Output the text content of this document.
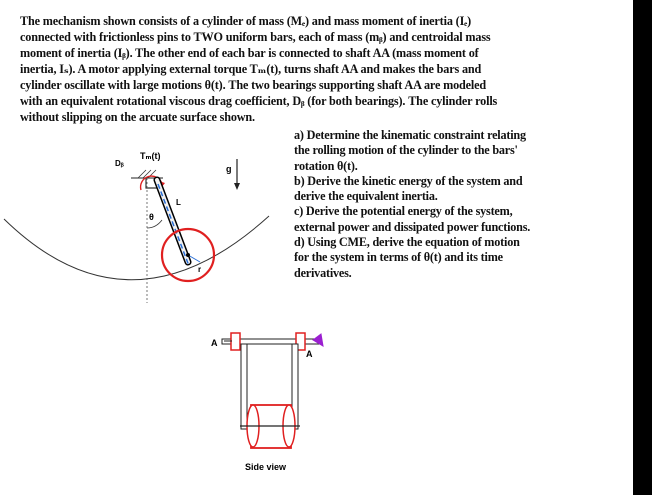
The mechanism shown consists of a cylinder of mass (Mₑ) and mass moment of inertia (Iₑ)
connected with frictionless pins to TWO uniform bars, each of mass (mᵦ) and centroidal mass
moment of inertia (Iᵦ). The other end of each bar is connected to shaft AA (mass moment of
inertia, Iₛ). A motor applying external torque Tₘ(t), turns shaft AA and makes the bars and
cylinder oscillate with large motions θ(t). The two bearings supporting shaft AA are modeled
with an equivalent rotational viscous drag coefficient, Dᵦ (for both bearings). The cylinder rolls
without slipping on the arcuate surface shown.
a) Determine the kinematic constraint relating
the rolling motion of the cylinder to the bars'
rotation θ(t).
b) Derive the kinetic energy of the system and
derive the equivalent inertia.
c) Derive the potential energy of the system,
external power and dissipated power functions.
d) Using CME, derive the equation of motion
for the system in terms of θ(t) and its time
derivatives.
Tₘ(t)
Dᵦ
g
θ
L
r
A
A
Side view
